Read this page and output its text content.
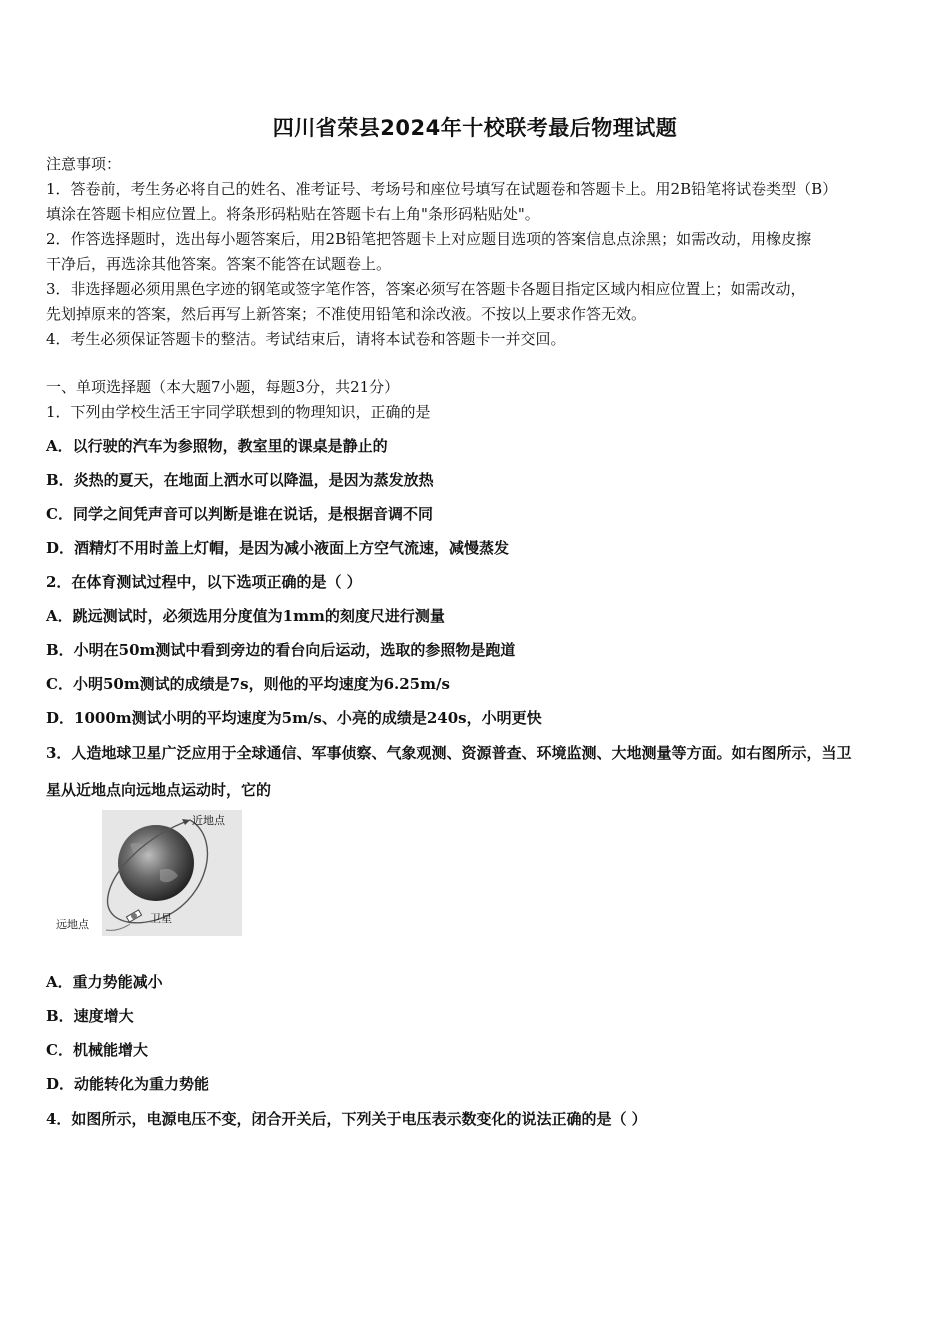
四川省荣县2024年十校联考最后物理试题
注意事项：
1．答卷前，考生务必将自己的姓名、准考证号、考场号和座位号填写在试题卷和答题卡上。用2B铅笔将试卷类型（B）
填涂在答题卡相应位置上。将条形码粘贴在答题卡右上角"条形码粘贴处"。
2．作答选择题时，选出每小题答案后，用2B铅笔把答题卡上对应题目选项的答案信息点涂黑；如需改动，用橡皮擦
干净后，再选涂其他答案。答案不能答在试题卷上。
3．非选择题必须用黑色字迹的钢笔或签字笔作答，答案必须写在答题卡各题目指定区域内相应位置上；如需改动，
先划掉原来的答案，然后再写上新答案；不准使用铅笔和涂改液。不按以上要求作答无效。
4．考生必须保证答题卡的整洁。考试结束后，请将本试卷和答题卡一并交回。
一、单项选择题（本大题7小题，每题3分，共21分）
1．下列由学校生活王宇同学联想到的物理知识，正确的是
A．以行驶的汽车为参照物，教室里的课桌是静止的
B．炎热的夏天，在地面上洒水可以降温，是因为蒸发放热
C．同学之间凭声音可以判断是谁在说话，是根据音调不同
D．酒精灯不用时盖上灯帽，是因为减小液面上方空气流速，减慢蒸发
2．在体育测试过程中，以下选项正确的是（ ）
A．跳远测试时，必须选用分度值为1mm的刻度尺进行测量
B．小明在50m测试中看到旁边的看台向后运动，选取的参照物是跑道
C．小明50m测试的成绩是7s，则他的平均速度为6.25m/s
D．1000m测试小明的平均速度为5m/s、小亮的成绩是240s，小明更快
3．人造地球卫星广泛应用于全球通信、军事侦察、气象观测、资源普查、环境监测、大地测量等方面。如右图所示，当卫
星从近地点向远地点运动时，它的
近地点
卫星
远地点
A．重力势能减小
B．速度增大
C．机械能增大
D．动能转化为重力势能
4．如图所示，电源电压不变，闭合开关后，下列关于电压表示数变化的说法正确的是（ ）
